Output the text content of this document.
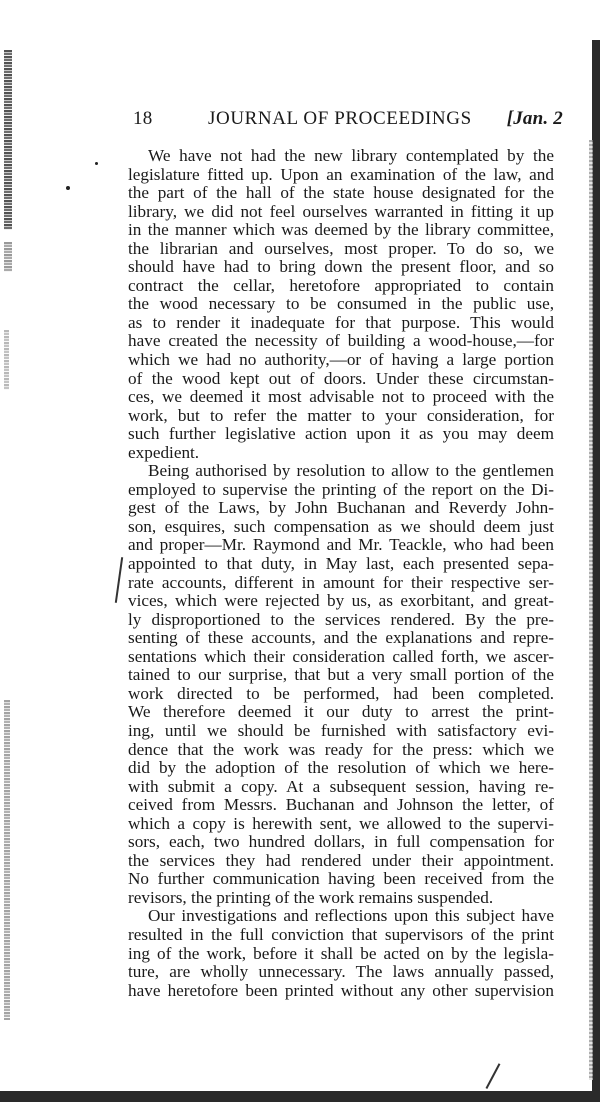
18	JOURNAL OF PROCEEDINGS [Jan. 2
We have not had the new library contemplated by the
legislature fitted up. Upon an examination of the law, and
the part of the hall of the state house designated for the
library, we did not feel ourselves warranted in fitting it up
in the manner which was deemed by the library committee,
the librarian and ourselves, most proper. To do so, we
should have had to bring down the present floor, and so
contract the cellar, heretofore appropriated to contain
the wood necessary to be consumed in the public use,
as to render it inadequate for that purpose. This would
have created the necessity of building a wood-house,—for
which we had no authority,—or of having a large portion
of the wood kept out of doors. Under these circumstan-
ces, we deemed it most advisable not to proceed with the
work, but to refer the matter to your consideration, for
such further legislative action upon it as you may deem
expedient.
Being authorised by resolution to allow to the gentlemen
employed to supervise the printing of the report on the Di-
gest of the Laws, by John Buchanan and Reverdy John-
son, esquires, such compensation as we should deem just
and proper—Mr. Raymond and Mr. Teackle, who had been
appointed to that duty, in May last, each presented sepa-
rate accounts, different in amount for their respective ser-
vices, which were rejected by us, as exorbitant, and great-
ly disproportioned to the services rendered. By the pre-
senting of these accounts, and the explanations and repre-
sentations which their consideration called forth, we ascer-
tained to our surprise, that but a very small portion of the
work directed to be performed, had been completed.
We therefore deemed it our duty to arrest the print-
ing, until we should be furnished with satisfactory evi-
dence that the work was ready for the press: which we
did by the adoption of the resolution of which we here-
with submit a copy. At a subsequent session, having re-
ceived from Messrs. Buchanan and Johnson the letter, of
which a copy is herewith sent, we allowed to the supervi-
sors, each, two hundred dollars, in full compensation for
the services they had rendered under their appointment.
No further communication having been received from the
revisors, the printing of the work remains suspended.
Our investigations and reflections upon this subject have
resulted in the full conviction that supervisors of the print
ing of the work, before it shall be acted on by the legisla-
ture, are wholly unnecessary. The laws annually passed,
have heretofore been printed without any other supervision
